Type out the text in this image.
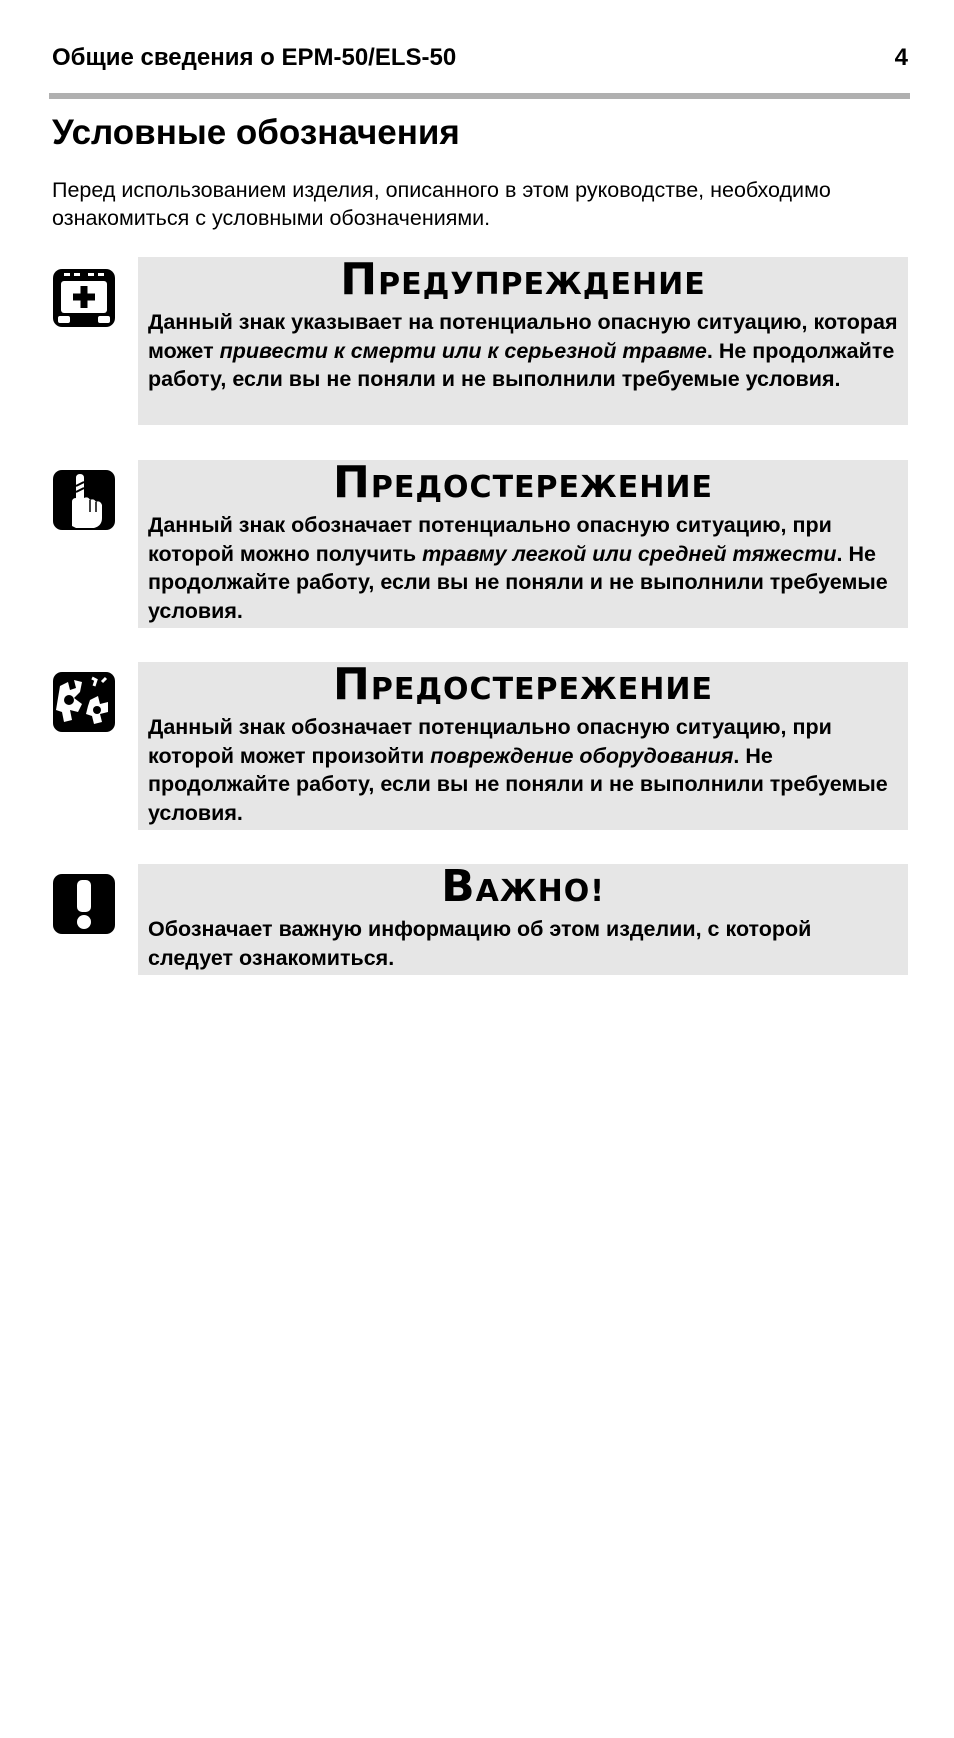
Общие сведения о EPM-50/ELS-50	4
Условные обозначения

Перед использованием изделия, описанного в этом руководстве, необходимо ознакомиться с условными обозначениями.

ПРЕДУПРЕЖДЕНИЕ

Данный знак указывает на потенциально опасную ситуацию, которая может привести к смерти или к серьезной травме. Не продолжайте работу, если вы не поняли и не выполнили требуемые условия.

ПРЕДОСТЕРЕЖЕНИЕ

Данный знак обозначает потенциально опасную ситуацию, при которой можно получить травму легкой или средней тяжести. Не продолжайте работу, если вы не поняли и не выполнили требуемые условия.

ПРЕДОСТЕРЕЖЕНИЕ

Данный знак обозначает потенциально опасную ситуацию, при которой может произойти повреждение оборудования. Не продолжайте работу, если вы не поняли и не выполнили требуемые условия.

ВАЖНО!

Обозначает важную информацию об этом изделии, с которой следует ознакомиться.
